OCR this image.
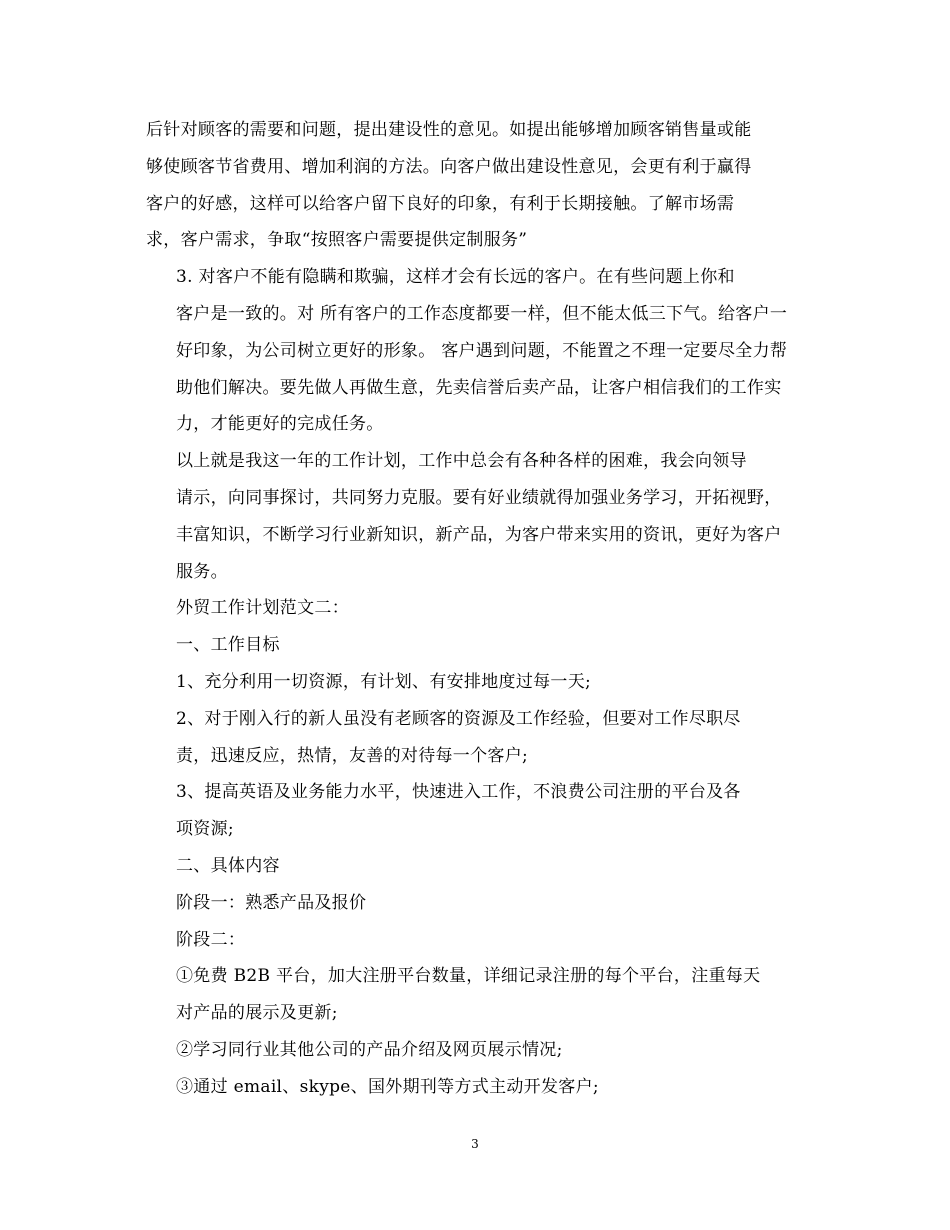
后针对顾客的需要和问题，提出建设性的意见。如提出能够增加顾客销售量或能
够使顾客节省费用、增加利润的方法。向客户做出建设性意见，会更有利于赢得
客户的好感，这样可以给客户留下良好的印象，有利于长期接触。了解市场需
求，客户需求，争取“按照客户需要提供定制服务”

3. 对客户不能有隐瞒和欺骗，这样才会有长远的客户。在有些问题上你和
客户是一致的。对 所有客户的工作态度都要一样，但不能太低三下气。给客户一
好印象，为公司树立更好的形象。 客户遇到问题，不能置之不理一定要尽全力帮
助他们解决。要先做人再做生意，先卖信誉后卖产品，让客户相信我们的工作实
力，才能更好的完成任务。

以上就是我这一年的工作计划，工作中总会有各种各样的困难，我会向领导
请示，向同事探讨，共同努力克服。要有好业绩就得加强业务学习，开拓视野，
丰富知识，不断学习行业新知识，新产品，为客户带来实用的资讯，更好为客户
服务。

外贸工作计划范文二：

一、工作目标

1、充分利用一切资源，有计划、有安排地度过每一天;

2、对于刚入行的新人虽没有老顾客的资源及工作经验，但要对工作尽职尽
责，迅速反应，热情，友善的对待每一个客户;

3、提高英语及业务能力水平，快速进入工作，不浪费公司注册的平台及各
项资源;

二、具体内容

阶段一：熟悉产品及报价

阶段二：

①免费 B2B 平台，加大注册平台数量，详细记录注册的每个平台，注重每天
对产品的展示及更新;

②学习同行业其他公司的产品介绍及网页展示情况;

③通过 email、skype、国外期刊等方式主动开发客户;

3
